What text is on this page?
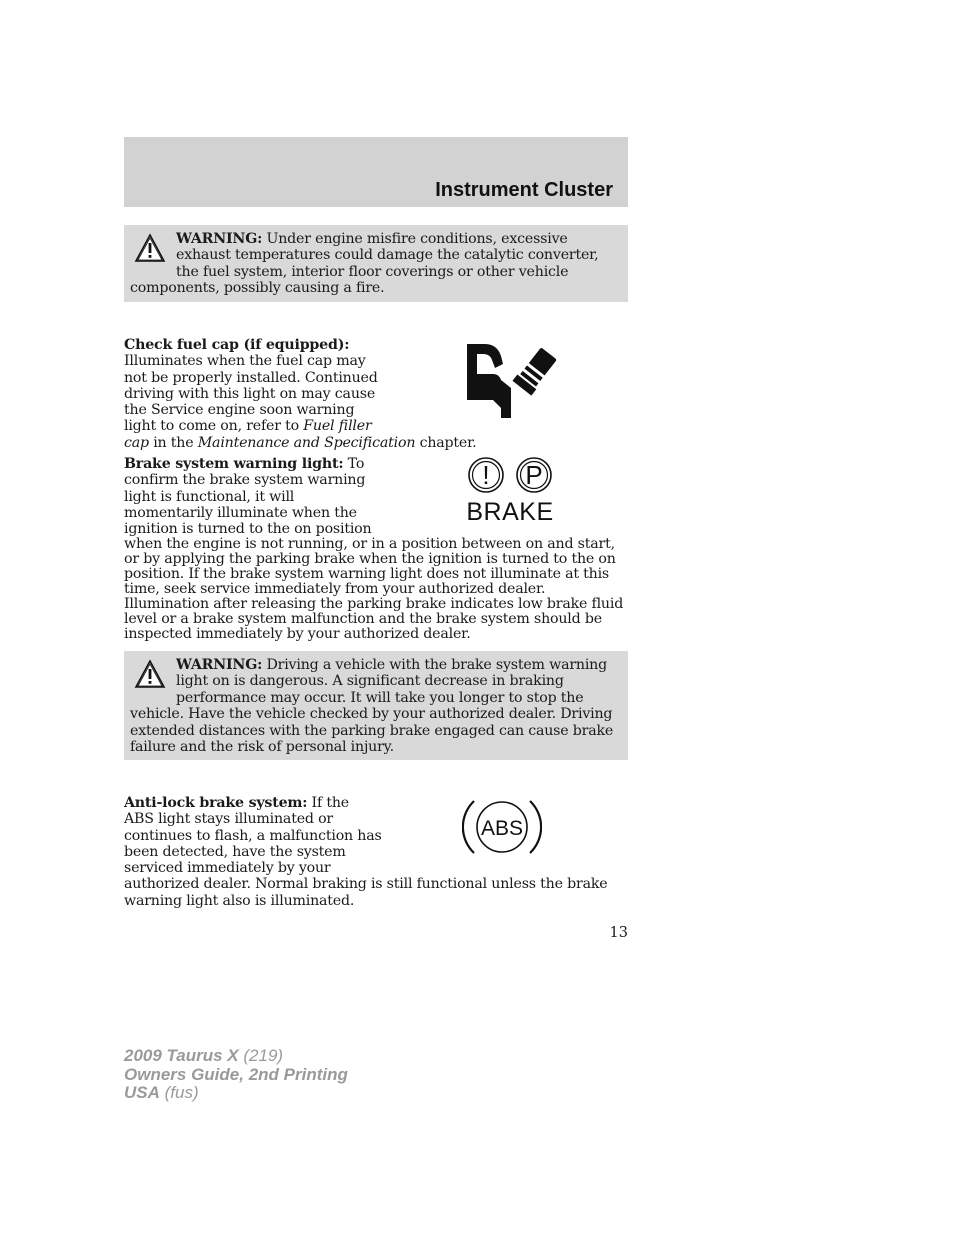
Instrument Cluster
WARNING: Under engine misfire conditions, excessive exhaust temperatures could damage the catalytic converter, the fuel system, interior floor coverings or other vehicle components, possibly causing a fire.
Check fuel cap (if equipped):
Illuminates when the fuel cap may
not be properly installed. Continued
driving with this light on may cause
the Service engine soon warning
light to come on, refer to Fuel filler
cap in the Maintenance and Specification chapter.
Brake system warning light: To
confirm the brake system warning
light is functional, it will
momentarily illuminate when the
ignition is turned to the on position
when the engine is not running, or in a position between on and start, or by applying the parking brake when the ignition is turned to the on position. If the brake system warning light does not illuminate at this time, seek service immediately from your authorized dealer. Illumination after releasing the parking brake indicates low brake fluid level or a brake system malfunction and the brake system should be inspected immediately by your authorized dealer.
! P
BRAKE
WARNING: Driving a vehicle with the brake system warning light on is dangerous. A significant decrease in braking performance may occur. It will take you longer to stop the vehicle. Have the vehicle checked by your authorized dealer. Driving extended distances with the parking brake engaged can cause brake failure and the risk of personal injury.
Anti-lock brake system: If the
ABS light stays illuminated or
continues to flash, a malfunction has
been detected, have the system
serviced immediately by your
authorized dealer. Normal braking is still functional unless the brake warning light also is illuminated.
ABS
13
2009 Taurus X (219)
Owners Guide, 2nd Printing
USA (fus)
